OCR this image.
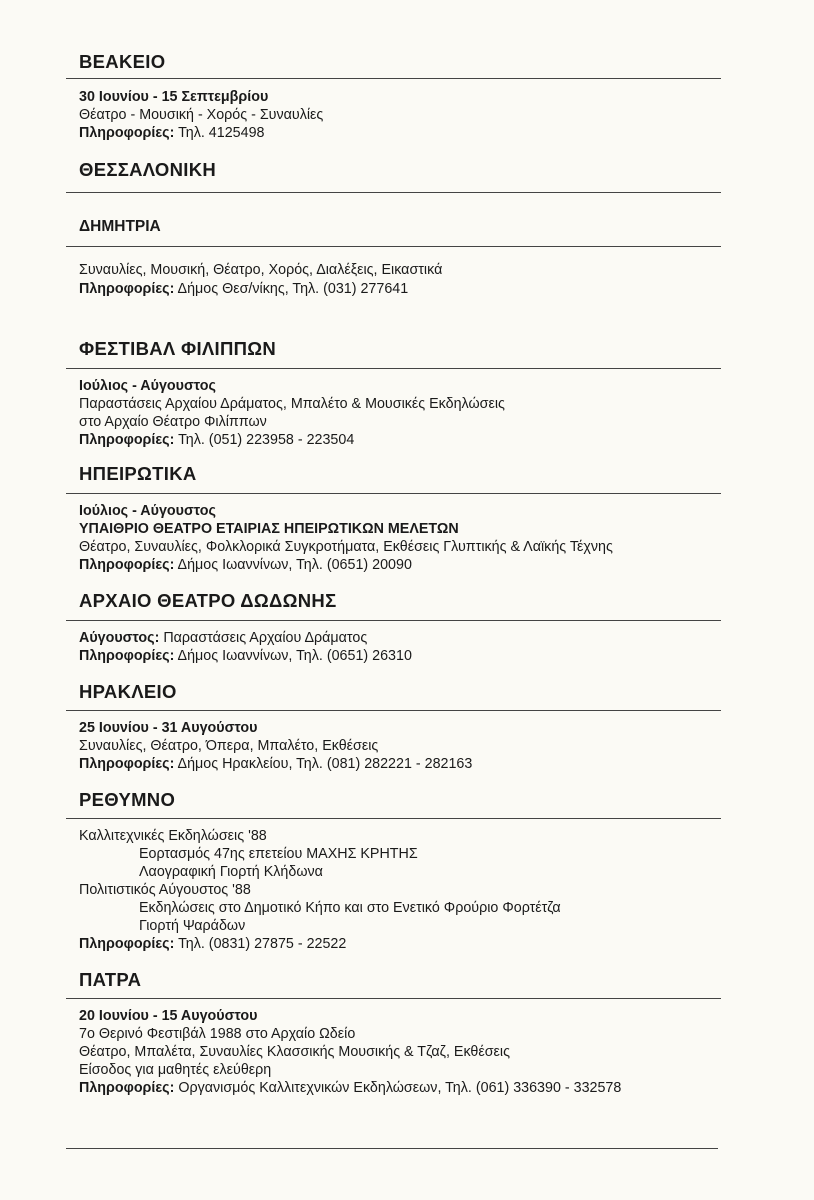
ΒΕΑΚΕΙΟ
30 Ιουνίου - 15 Σεπτεμβρίου
Θέατρο - Μουσική - Χορός - Συναυλίες
Πληροφορίες: Τηλ. 4125498
ΘΕΣΣΑΛΟΝΙΚΗ
ΔΗΜΗΤΡΙΑ
Συναυλίες, Μουσική, Θέατρο, Χορός, Διαλέξεις, Εικαστικά
Πληροφορίες: Δήμος Θεσ/νίκης, Τηλ. (031) 277641
ΦΕΣΤΙΒΑΛ ΦΙΛΙΠΠΩΝ
Ιούλιος - Αύγουστος
Παραστάσεις Αρχαίου Δράματος, Μπαλέτο & Μουσικές Εκδηλώσεις
στο Αρχαίο Θέατρο Φιλίππων
Πληροφορίες: Τηλ. (051) 223958 - 223504
ΗΠΕΙΡΩΤΙΚΑ
Ιούλιος - Αύγουστος
ΥΠΑΙΘΡΙΟ ΘΕΑΤΡΟ ΕΤΑΙΡΙΑΣ ΗΠΕΙΡΩΤΙΚΩΝ ΜΕΛΕΤΩΝ
Θέατρο, Συναυλίες, Φολκλορικά Συγκροτήματα, Εκθέσεις Γλυπτικής & Λαϊκής Τέχνης
Πληροφορίες: Δήμος Ιωαννίνων, Τηλ. (0651) 20090
ΑΡΧΑΙΟ ΘΕΑΤΡΟ ΔΩΔΩΝΗΣ
Αύγουστος: Παραστάσεις Αρχαίου Δράματος
Πληροφορίες: Δήμος Ιωαννίνων, Τηλ. (0651) 26310
ΗΡΑΚΛΕΙΟ
25 Ιουνίου - 31 Αυγούστου
Συναυλίες, Θέατρο, Όπερα, Μπαλέτο, Εκθέσεις
Πληροφορίες: Δήμος Ηρακλείου, Τηλ. (081) 282221 - 282163
ΡΕΘΥΜΝΟ
Καλλιτεχνικές Εκδηλώσεις '88
Εορτασμός 47ης επετείου ΜΑΧΗΣ ΚΡΗΤΗΣ
Λαογραφική Γιορτή Κλήδωνα
Πολιτιστικός Αύγουστος '88
Εκδηλώσεις στο Δημοτικό Κήπο και στο Ενετικό Φρούριο Φορτέτζα
Γιορτή Ψαράδων
Πληροφορίες: Τηλ. (0831) 27875 - 22522
ΠΑΤΡΑ
20 Ιουνίου - 15 Αυγούστου
7ο Θερινό Φεστιβάλ 1988 στο Αρχαίο Ωδείο
Θέατρο, Μπαλέτα, Συναυλίες Κλασσικής Μουσικής & Τζαζ, Εκθέσεις
Είσοδος για μαθητές ελεύθερη
Πληροφορίες: Οργανισμός Καλλιτεχνικών Εκδηλώσεων, Τηλ. (061) 336390 - 332578
